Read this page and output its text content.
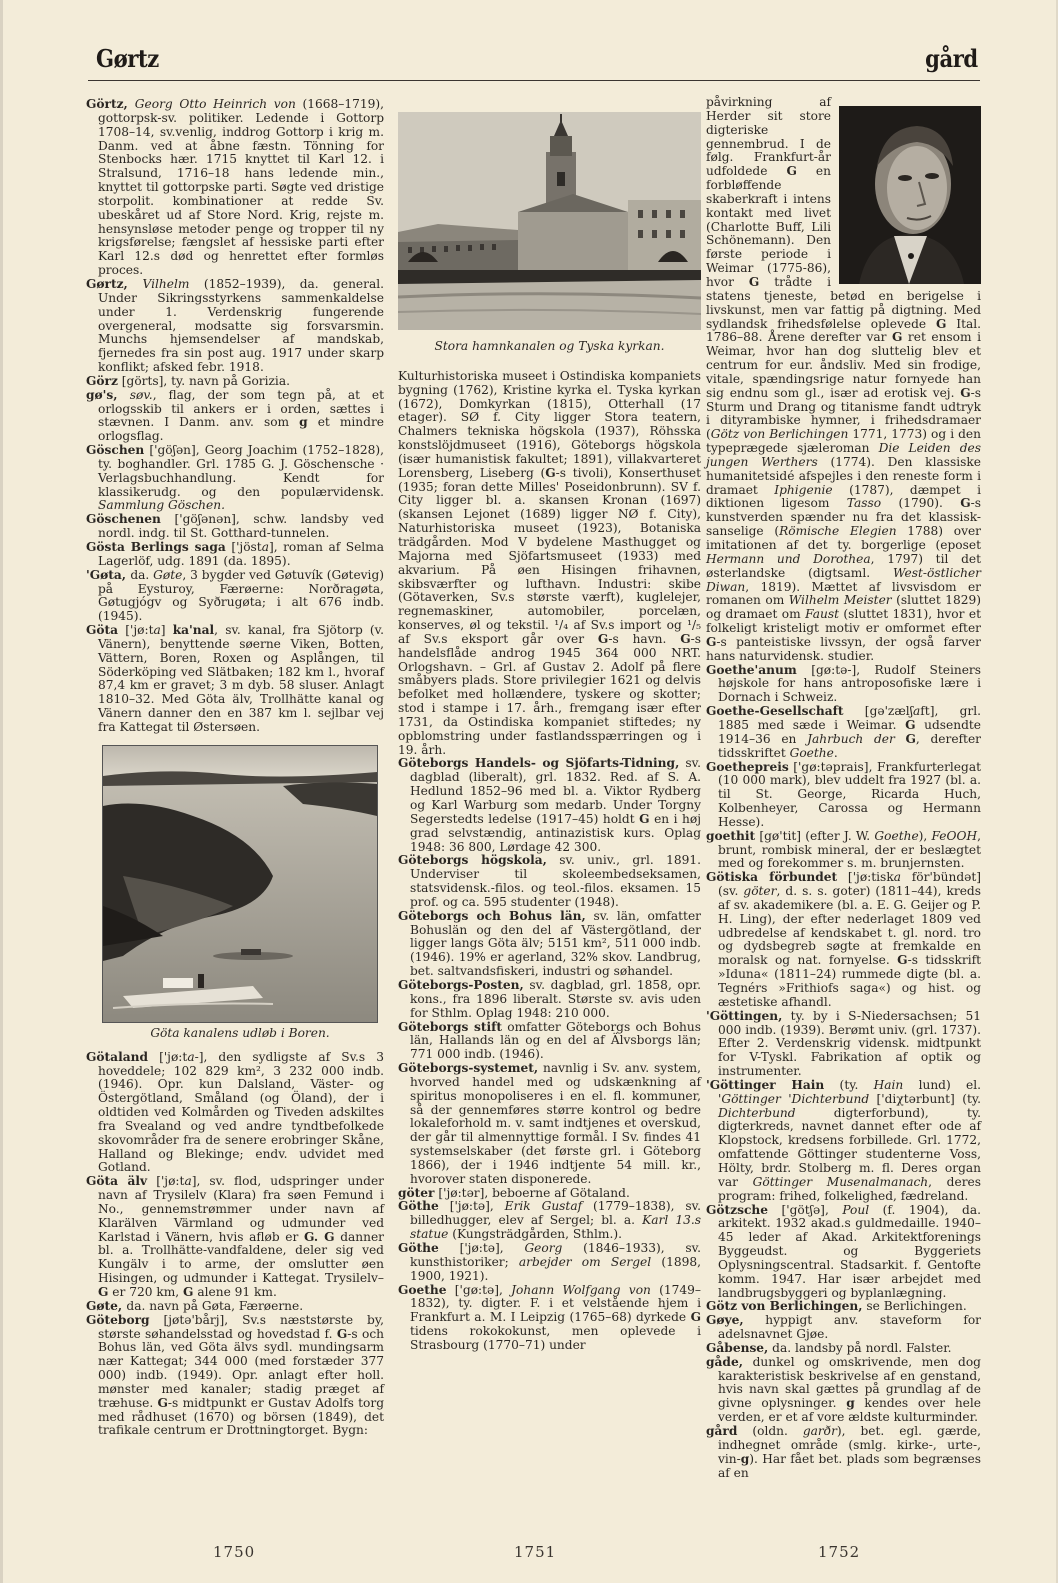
Gørtz	gård

Görtz, Georg Otto Heinrich von (1668–1719), gottorpsk-sv. politiker. Ledende i Gottorp 1708–14, sv.venlig, inddrog Gottorp i krig m. Danm. ved at åbne fæstn. Tönning for Stenbocks hær. 1715 knyttet til Karl 12. i Stralsund, 1716–18 hans ledende min., knyttet til gottorpske parti. Søgte ved dristige storpolit. kombinationer at redde Sv. ubeskåret ud af Store Nord. Krig, rejste m. hensynsløse metoder penge og tropper til ny krigsførelse; fængslet af hessiske parti efter Karl 12.s død og henrettet efter formløs proces.

Gørtz, Vilhelm (1852–1939), da. general. Under Sikringsstyrkens sammenkaldelse under 1. Verdenskrig fungerende overgeneral, modsatte sig forsvarsmin. Munchs hjemsendelser af mandskab, fjernedes fra sin post aug. 1917 under skarp konflikt; afsked febr. 1918.

Görz [görts], ty. navn på Gorizia.

gø's, søv., flag, der som tegn på, at et orlogsskib til ankers er i orden, sættes i stævnen. I Danm. anv. som g et mindre orlogsflag.

Göschen ['göʃən], Georg Joachim (1752–1828), ty. boghandler. Grl. 1785 G. J. Göschensche · Verlagsbuchhandlung. Kendt for klassikerudg. og den populærvidensk. Sammlung Göschen.

Göschenen ['göʃənən], schw. landsby ved nordl. indg. til St. Gotthard-tunnelen.

Gösta Berlings saga ['jösta], roman af Selma Lagerlöf, udg. 1891 (da. 1895).

'Gøta, da. Gøte, 3 bygder ved Gøtuvík (Gøtevig) på Eysturoy, Færøerne: Norðragøta, Gøtugjógv og Syðrugøta; i alt 676 indb. (1945).

Göta ['jø:ta] ka'nal, sv. kanal, fra Sjötorp (v. Vänern), benyttende søerne Viken, Botten, Vättern, Boren, Roxen og Asplången, til Söderköping ved Slätbaken; 182 km l., hvoraf 87,4 km er gravet; 3 m dyb. 58 sluser. Anlagt 1810–32. Med Göta älv, Trollhätte kanal og Vänern danner den en 387 km l. sejlbar vej fra Kattegat til Østersøen.

Göta kanalens udløb i Boren.

Götaland ['jø:ta-], den sydligste af Sv.s 3 hoveddele; 102 829 km², 3 232 000 indb. (1946). Opr. kun Dalsland, Väster- og Östergötland, Småland (og Öland), der i oldtiden ved Kolmården og Tiveden adskiltes fra Svealand og ved andre tyndtbefolkede skovområder fra de senere erobringer Skåne, Halland og Blekinge; endv. udvidet med Gotland.

Göta älv ['jø:ta], sv. flod, udspringer under navn af Trysilelv (Klara) fra søen Femund i No., gennemstrømmer under navn af Klarälven Värmland og udmunder ved Karlstad i Vänern, hvis afløb er G. G danner bl. a. Trollhätte-vandfaldene, deler sig ved Kungälv i to arme, der omslutter øen Hisingen, og udmunder i Kattegat. Trysilelv–G er 720 km, G alene 91 km.

Gøte, da. navn på Gøta, Færøerne.

Göteborg [jøtə'bårj], Sv.s næststørste by, største søhandelsstad og hovedstad f. G-s och Bohus län, ved Göta älvs sydl. mundingsarm nær Kattegat; 344 000 (med forstæder 377 000) indb. (1949). Opr. anlagt efter holl. mønster med kanaler; stadig præget af træhuse. G-s midtpunkt er Gustav Adolfs torg med rådhuset (1670) og börsen (1849), det trafikale centrum er Drottningtorget. Bygn:

Stora hamnkanalen og Tyska kyrkan.

Kulturhistoriska museet i Ostindiska kompaniets bygning (1762), Kristine kyrka el. Tyska kyrkan (1672), Domkyrkan (1815), Otterhall (17 etager). SØ f. City ligger Stora teatern, Chalmers tekniska högskola (1937), Röhsska konstslöjdmuseet (1916), Göteborgs högskola (især humanistisk fakultet; 1891), villakvarteret Lorensberg, Liseberg (G-s tivoli), Konserthuset (1935; foran dette Milles' Poseidonbrunn). SV f. City ligger bl. a. skansen Kronan (1697) (skansen Lejonet (1689) ligger NØ f. City), Naturhistoriska museet (1923), Botaniska trädgården. Mod V bydelene Masthugget og Majorna med Sjöfartsmuseet (1933) med akvarium. På øen Hisingen frihavnen, skibsværfter og lufthavn. Industri: skibe (Götaverken, Sv.s største værft), kuglelejer, regnemaskiner, automobiler, porcelæn, konserves, øl og tekstil. ¹/₄ af Sv.s import og ¹/₅ af Sv.s eksport går over G-s havn. G-s handelsflåde androg 1945 364 000 NRT. Orlogshavn. – Grl. af Gustav 2. Adolf på flere småbyers plads. Store privilegier 1621 og delvis befolket med hollændere, tyskere og skotter; stod i stampe i 17. årh., fremgang især efter 1731, da Ostindiska kompaniet stiftedes; ny opblomstring under fastlandsspærringen og i 19. årh.

Göteborgs Handels- og Sjöfarts-Tidning, sv. dagblad (liberalt), grl. 1832. Red. af S. A. Hedlund 1852–96 med bl. a. Viktor Rydberg og Karl Warburg som medarb. Under Torgny Segerstedts ledelse (1917–45) holdt G en i høj grad selvstændig, antinazistisk kurs. Oplag 1948: 36 800, Lørdage 42 300.

Göteborgs högskola, sv. univ., grl. 1891. Underviser til skoleembedseksamen, statsvidensk.-filos. og teol.-filos. eksamen. 15 prof. og ca. 595 studenter (1948).

Göteborgs och Bohus län, sv. län, omfatter Bohuslän og den del af Västergötland, der ligger langs Göta älv; 5151 km², 511 000 indb. (1946). 19% er agerland, 32% skov. Landbrug, bet. saltvandsfiskeri, industri og søhandel.

Göteborgs-Posten, sv. dagblad, grl. 1858, opr. kons., fra 1896 liberalt. Største sv. avis uden for Sthlm. Oplag 1948: 210 000.

Göteborgs stift omfatter Göteborgs och Bohus län, Hallands län og en del af Älvsborgs län; 771 000 indb. (1946).

Göteborgs-systemet, navnlig i Sv. anv. system, hvorved handel med og udskænkning af spiritus monopoliseres i en el. fl. kommuner, så der gennemføres større kontrol og bedre lokaleforhold m. v. samt indtjenes et overskud, der går til almennyttige formål. I Sv. findes 41 systemselskaber (det første grl. i Göteborg 1866), der i 1946 indtjente 54 mill. kr., hvorover staten disponerede.

göter ['jø:tər], beboerne af Götaland.

Göthe ['jø:tə], Erik Gustaf (1779–1838), sv. billedhugger, elev af Sergel; bl. a. Karl 13.s statue (Kungsträdgården, Sthlm.).

Göthe ['jø:tə], Georg (1846–1933), sv. kunsthistoriker; arbejder om Sergel (1898, 1900, 1921).

Goethe ['gø:tə], Johann Wolfgang von (1749–1832), ty. digter. F. i et velstående hjem i Frankfurt a. M. I Leipzig (1765–68) dyrkede G tidens rokokokunst, men oplevede i Strasbourg (1770–71) under

påvirkning af Herder sit store digteriske gennembrud. I de følg. Frankfurt-år udfoldede G en forbløffende skaberkraft i intens kontakt med livet (Charlotte Buff, Lili Schönemann). Den første periode i Weimar (1775-86), hvor G trådte i statens tjeneste, betød en berigelse i livskunst, men var fattig på digtning. Med sydlandsk frihedsfølelse oplevede G Ital. 1786–88. Årene derefter var G ret ensom i Weimar, hvor han dog sluttelig blev et centrum for eur. åndsliv. Med sin frodige, vitale, spændingsrige natur fornyede han sig endnu som gl., især ad erotisk vej. G-s Sturm und Drang og titanisme fandt udtryk i dityrambiske hymner, i frihedsdramaer (Götz von Berlichingen 1771, 1773) og i den typeprægede sjæleroman Die Leiden des jungen Werthers (1774). Den klassiske humanitetsidé afspejles i den reneste form i dramaet Iphigenie (1787), dæmpet i diktionen ligesom Tasso (1790). G-s kunstverden spænder nu fra det klassisk-sanselige (Römische Elegien 1788) over imitationen af det ty. borgerlige (eposet Hermann und Dorothea, 1797) til det østerlandske (digtsaml. West-östlicher Diwan, 1819). Mættet af livsvisdom er romanen om Wilhelm Meister (sluttet 1829) og dramaet om Faust (sluttet 1831), hvor et folkeligt kristeligt motiv er omformet efter G-s panteistiske livssyn, der også farver hans naturvidensk. studier.

Goethe'anum [gø:tə-], Rudolf Steiners højskole for hans antroposofiske lære i Dornach i Schweiz.

Goethe-Gesellschaft [gə'zælʃaft], grl. 1885 med sæde i Weimar. G udsendte 1914–36 en Jahrbuch der G, derefter tidsskriftet Goethe.

Goethepreis ['gø:təprais], Frankfurterlegat (10 000 mark), blev uddelt fra 1927 (bl. a. til St. George, Ricarda Huch, Kolbenheyer, Carossa og Hermann Hesse).

goethit [gø'tit] (efter J. W. Goethe), FeOOH, brunt, rombisk mineral, der er beslægtet med og forekommer s. m. brunjernsten.

Götiska förbundet ['jø:tiska för'bündət] (sv. göter, d. s. s. goter) (1811–44), kreds af sv. akademikere (bl. a. E. G. Geijer og P. H. Ling), der efter nederlaget 1809 ved udbredelse af kendskabet t. gl. nord. tro og dydsbegreb søgte at fremkalde en moralsk og nat. fornyelse. G-s tidsskrift »Iduna« (1811–24) rummede digte (bl. a. Tegnérs »Frithiofs saga«) og hist. og æstetiske afhandl.

'Göttingen, ty. by i S-Niedersachsen; 51 000 indb. (1939). Berømt univ. (grl. 1737). Efter 2. Verdenskrig vidensk. midtpunkt for V-Tyskl. Fabrikation af optik og instrumenter.

'Göttinger Hain (ty. Hain lund) el. 'Göttinger 'Dichterbund ['diχtərbunt] (ty. Dichterbund digterforbund), ty. digterkreds, navnet dannet efter ode af Klopstock, kredsens forbillede. Grl. 1772, omfattende Göttinger studenterne Voss, Hölty, brdr. Stolberg m. fl. Deres organ var Göttinger Musenalmanach, deres program: frihed, folkelighed, fædreland.

Götzsche ['götʃə], Poul (f. 1904), da. arkitekt. 1932 akad.s guldmedaille. 1940–45 leder af Akad. Arkitektforenings Byggeudst. og Byggeriets Oplysningscentral. Stadsarkit. f. Gentofte komm. 1947. Har især arbejdet med landbrugsbyggeri og byplanlægning.

Götz von Berlichingen, se Berlichingen.

Gøye, hyppigt anv. staveform for adelsnavnet Gjøe.

Gåbense, da. landsby på nordl. Falster.

gåde, dunkel og omskrivende, men dog karakteristisk beskrivelse af en genstand, hvis navn skal gættes på grundlag af de givne oplysninger. g kendes over hele verden, er et af vore ældste kulturminder.

gård (oldn. garðr), bet. egl. gærde, indhegnet område (smlg. kirke-, urte-, vin-g). Har fået bet. plads som begrænses af en

1750	1751	1752
